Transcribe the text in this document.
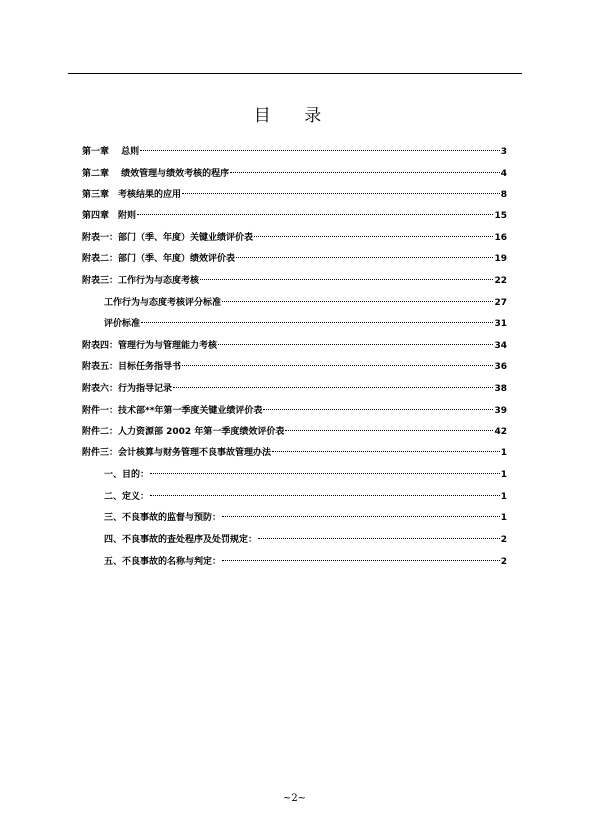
目 录
第一章　 总则	3
第二章　 绩效管理与绩效考核的程序	4
第三章　考核结果的应用	8
第四章　附则	15
附表一：部门（季、年度）关键业绩评价表	16
附表二：部门（季、年度）绩效评价表	19
附表三：工作行为与态度考核	22
工作行为与态度考核评分标准	27
评价标准	31
附表四：管理行为与管理能力考核	34
附表五：目标任务指导书	36
附表六：行为指导记录	38
附件一：技术部**年第一季度关键业绩评价表	39
附件二：人力资源部 2002 年第一季度绩效评价表	42
附件三：会计核算与财务管理不良事故管理办法	1
一、目的：	1
二、定义：	1
三、不良事故的监督与预防：	1
四、不良事故的查处程序及处罚规定：	2
五、不良事故的名称与判定：	2
~2~
